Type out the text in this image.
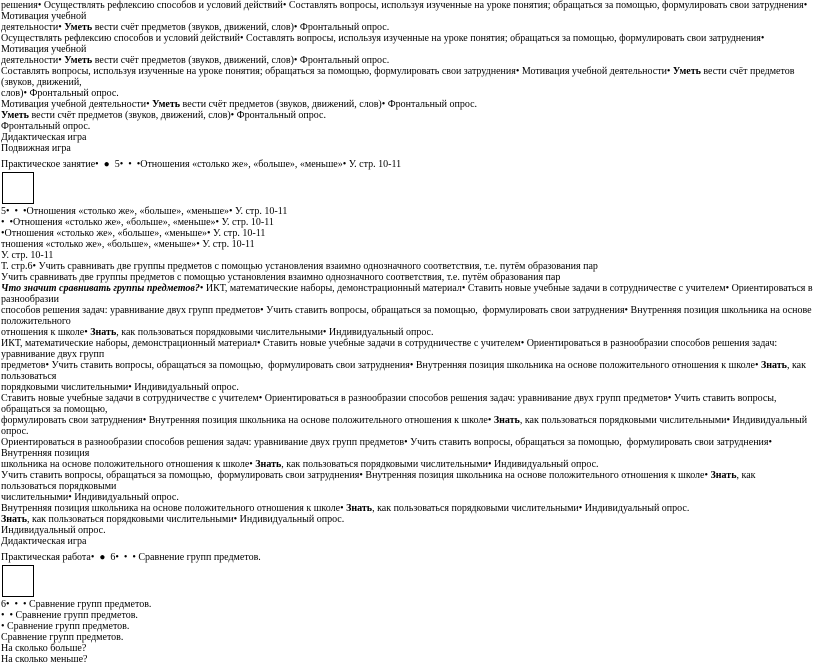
решения• Осуществлять рефлексию способов и условий действий• Составлять вопросы, используя изученные на уроке понятия; обращаться за помощью, формулировать свои затруднения• Мотивация учебной
деятельности• Уметь вести счёт предметов (звуков, движений, слов)• Фронтальный опрос.
Осуществлять рефлексию способов и условий действий• Составлять вопросы, используя изученные на уроке понятия; обращаться за помощью, формулировать свои затруднения• Мотивация учебной
деятельности• Уметь вести счёт предметов (звуков, движений, слов)• Фронтальный опрос.
Составлять вопросы, используя изученные на уроке понятия; обращаться за помощью, формулировать свои затруднения• Мотивация учебной деятельности• Уметь вести счёт предметов (звуков, движений,
слов)• Фронтальный опрос.
Мотивация учебной деятельности• Уметь вести счёт предметов (звуков, движений, слов)• Фронтальный опрос.
Уметь вести счёт предметов (звуков, движений, слов)• Фронтальный опрос.
Фронтальный опрос.
Дидактическая игра
Подвижная игра
Практическое занятие•  ●  5•  •  •Отношения «столько же», «больше», «меньше»• У. стр. 10-11
5•  •  •Отношения «столько же», «больше», «меньше»• У. стр. 10-11
•  •Отношения «столько же», «больше», «меньше»• У. стр. 10-11
•Отношения «столько же», «больше», «меньше»• У. стр. 10-11
тношения «столько же», «больше», «меньше»• У. стр. 10-11
У. стр. 10-11
Т. стр.6• Учить сравнивать две группы предметов с помощью установления взаимно однозначного соответствия, т.е. путём образования пар
Учить сравнивать две группы предметов с помощью установления взаимно однозначного соответствия, т.е. путём образования пар
Что значит сравнивать группы предметов?• ИКТ, математические наборы, демонстрационный материал• Ставить новые учебные задачи в сотрудничестве с учителем• Ориентироваться в разнообразии
способов решения задач: уравнивание двух групп предметов• Учить ставить вопросы, обращаться за помощью,  формулировать свои затруднения• Внутренняя позиция школьника на основе положительного
отношения к школе• Знать, как пользоваться порядковыми числительными• Индивидуальный опрос.
ИКТ, математические наборы, демонстрационный материал• Ставить новые учебные задачи в сотрудничестве с учителем• Ориентироваться в разнообразии способов решения задач: уравнивание двух групп
предметов• Учить ставить вопросы, обращаться за помощью,  формулировать свои затруднения• Внутренняя позиция школьника на основе положительного отношения к школе• Знать, как пользоваться
порядковыми числительными• Индивидуальный опрос.
Ставить новые учебные задачи в сотрудничестве с учителем• Ориентироваться в разнообразии способов решения задач: уравнивание двух групп предметов• Учить ставить вопросы, обращаться за помощью,
формулировать свои затруднения• Внутренняя позиция школьника на основе положительного отношения к школе• Знать, как пользоваться порядковыми числительными• Индивидуальный опрос.
Ориентироваться в разнообразии способов решения задач: уравнивание двух групп предметов• Учить ставить вопросы, обращаться за помощью,  формулировать свои затруднения• Внутренняя позиция
школьника на основе положительного отношения к школе• Знать, как пользоваться порядковыми числительными• Индивидуальный опрос.
Учить ставить вопросы, обращаться за помощью,  формулировать свои затруднения• Внутренняя позиция школьника на основе положительного отношения к школе• Знать, как пользоваться порядковыми
числительными• Индивидуальный опрос.
Внутренняя позиция школьника на основе положительного отношения к школе• Знать, как пользоваться порядковыми числительными• Индивидуальный опрос.
Знать, как пользоваться порядковыми числительными• Индивидуальный опрос.
Индивидуальный опрос.
Дидактическая игра
Практическая работа•  ●  6•  •  • Сравнение групп предметов.
6•  •  • Сравнение групп предметов.
•  • Сравнение групп предметов.
• Сравнение групп предметов.
Сравнение групп предметов.
На сколько больше?
На сколько меньше?
